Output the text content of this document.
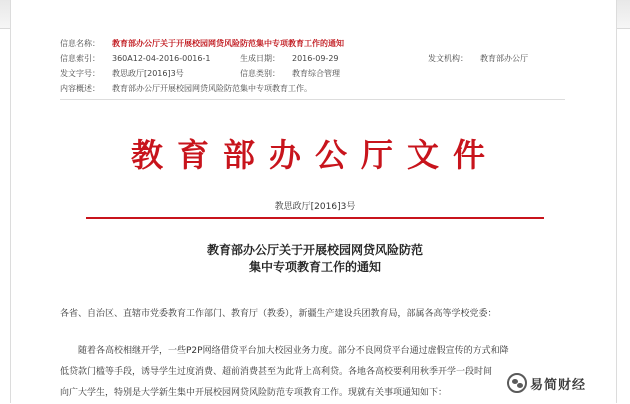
信息名称： 教育部办公厅关于开展校园网贷风险防范集中专项教育工作的通知
信息索引： 360A12-04-2016-0016-1	生成日期： 2016-09-29	发文机构： 教育部办公厅
发文字号： 教思政厅[2016]3号	信息类别： 教育综合管理
内容概述： 教育部办公厅开展校园网贷风险防范集中专项教育工作。
教育部办公厅文件
教思政厅[2016]3号
教育部办公厅关于开展校园网贷风险防范
集中专项教育工作的通知
各省、自治区、直辖市党委教育工作部门、教育厅（教委），新疆生产建设兵团教育局，部属各高等学校党委：
随着各高校相继开学，一些P2P网络借贷平台加大校园业务力度。部分不良网贷平台通过虚假宣传的方式和降
低贷款门槛等手段，诱导学生过度消费、超前消费甚至为此背上高利贷。各地各高校要利用秋季开学一段时间
向广大学生，特别是大学新生集中开展校园网贷风险防范专项教育工作。现就有关事项通知如下：
易简财经
